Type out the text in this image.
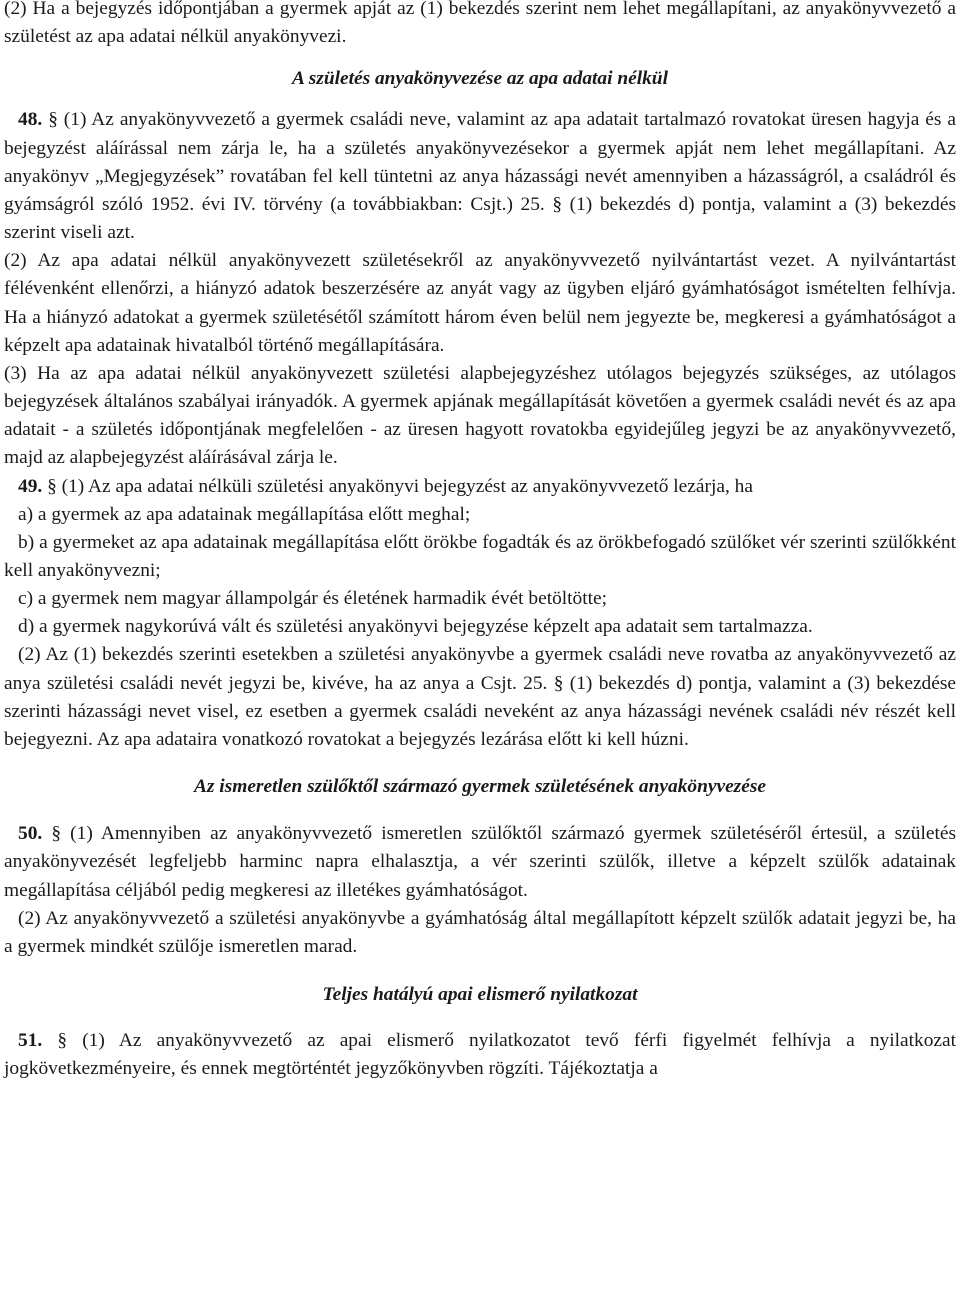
(2) Ha a bejegyzés időpontjában a gyermek apját az (1) bekezdés szerint nem lehet megállapítani, az anyakönyvvezető a születést az apa adatai nélkül anyakönyvezi.

A születés anyakönyvezése az apa adatai nélkül

48. § (1) Az anyakönyvvezető a gyermek családi neve, valamint az apa adatait tartalmazó rovatokat üresen hagyja és a bejegyzést aláírással nem zárja le, ha a születés anyakönyvezésekor a gyermek apját nem lehet megállapítani. Az anyakönyv „Megjegyzések” rovatában fel kell tüntetni az anya házassági nevét amennyiben a házasságról, a családról és gyámságról szóló 1952. évi IV. törvény (a továbbiakban: Csjt.) 25. § (1) bekezdés d) pontja, valamint a (3) bekezdés szerint viseli azt.

(2) Az apa adatai nélkül anyakönyvezett születésekről az anyakönyvvezető nyilvántartást vezet. A nyilvántartást félévenként ellenőrzi, a hiányzó adatok beszerzésére az anyát vagy az ügyben eljáró gyámhatóságot ismételten felhívja. Ha a hiányzó adatokat a gyermek születésétől számított három éven belül nem jegyezte be, megkeresi a gyámhatóságot a képzelt apa adatainak hivatalból történő megállapítására.

(3) Ha az apa adatai nélkül anyakönyvezett születési alapbejegyzéshez utólagos bejegyzés szükséges, az utólagos bejegyzések általános szabályai irányadók. A gyermek apjának megállapítását követően a gyermek családi nevét és az apa adatait - a születés időpontjának megfelelően - az üresen hagyott rovatokba egyidejűleg jegyzi be az anyakönyvvezető, majd az alapbejegyzést aláírásával zárja le.

49. § (1) Az apa adatai nélküli születési anyakönyvi bejegyzést az anyakönyvvezető lezárja, ha

a) a gyermek az apa adatainak megállapítása előtt meghal;

b) a gyermeket az apa adatainak megállapítása előtt örökbe fogadták és az örökbefogadó szülőket vér szerinti szülőkként kell anyakönyvezni;

c) a gyermek nem magyar állampolgár és életének harmadik évét betöltötte;

d) a gyermek nagykorúvá vált és születési anyakönyvi bejegyzése képzelt apa adatait sem tartalmazza.

(2) Az (1) bekezdés szerinti esetekben a születési anyakönyvbe a gyermek családi neve rovatba az anyakönyvvezető az anya születési családi nevét jegyzi be, kivéve, ha az anya a Csjt. 25. § (1) bekezdés d) pontja, valamint a (3) bekezdése szerinti házassági nevet visel, ez esetben a gyermek családi neveként az anya házassági nevének családi név részét kell bejegyezni. Az apa adataira vonatkozó rovatokat a bejegyzés lezárása előtt ki kell húzni.

Az ismeretlen szülőktől származó gyermek születésének anyakönyvezése

50. § (1) Amennyiben az anyakönyvvezető ismeretlen szülőktől származó gyermek születéséről értesül, a születés anyakönyvezését legfeljebb harminc napra elhalasztja, a vér szerinti szülők, illetve a képzelt szülők adatainak megállapítása céljából pedig megkeresi az illetékes gyámhatóságot.

(2) Az anyakönyvvezető a születési anyakönyvbe a gyámhatóság által megállapított képzelt szülők adatait jegyzi be, ha a gyermek mindkét szülője ismeretlen marad.

Teljes hatályú apai elismerő nyilatkozat

51. § (1) Az anyakönyvvezető az apai elismerő nyilatkozatot tevő férfi figyelmét felhívja a nyilatkozat jogkövetkezményeire, és ennek megtörténtét jegyzőkönyvben rögzíti. Tájékoztatja a
